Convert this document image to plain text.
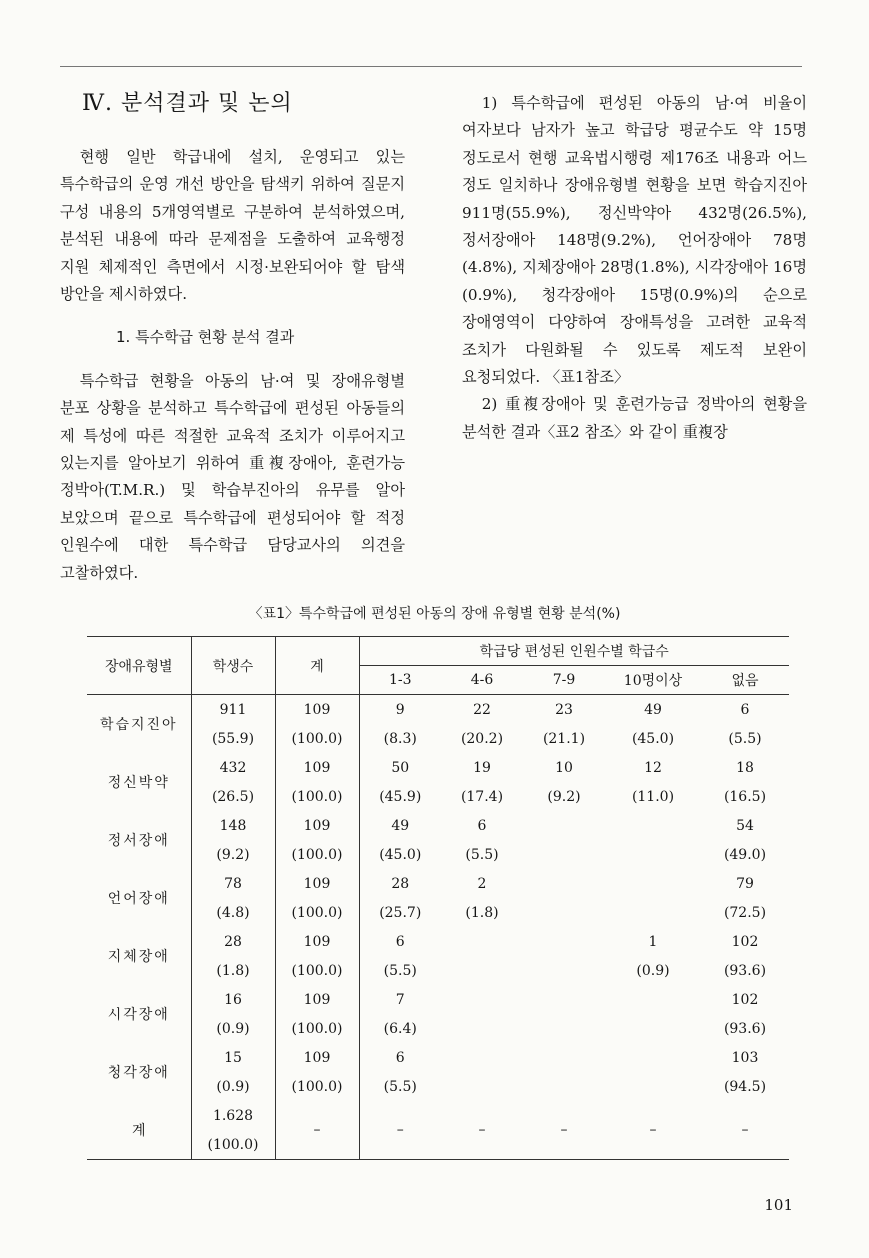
Ⅳ. 분석결과 및 논의

현행 일반 학급내에 설치, 운영되고 있는 특수학급의 운영 개선 방안을 탐색키 위하여 질문지 구성 내용의 5개영역별로 구분하여 분석하였으며, 분석된 내용에 따라 문제점을 도출하여 교육행정 지원 체제적인 측면에서 시정·보완되어야 할 탐색 방안을 제시하였다.

1. 특수학급 현황 분석 결과

특수학급 현황을 아동의 남·여 및 장애유형별 분포 상황을 분석하고 특수학급에 편성된 아동들의 제 특성에 따른 적절한 교육적 조치가 이루어지고 있는지를 알아보기 위하여 重複장애아, 훈련가능 정박아(T.M.R.) 및 학습부진아의 유무를 알아 보았으며 끝으로 특수학급에 편성되어야 할 적정 인원수에 대한 특수학급 담당교사의 의견을 고찰하였다.

1) 특수학급에 편성된 아동의 남·여 비율이 여자보다 남자가 높고 학급당 평균수도 약 15명 정도로서 현행 교육법시행령 제176조 내용과 어느 정도 일치하나 장애유형별 현황을 보면 학습지진아 911명(55.9%), 정신박약아 432명(26.5%), 정서장애아 148명(9.2%), 언어장애아 78명(4.8%), 지체장애아 28명(1.8%), 시각장애아 16명(0.9%), 청각장애아 15명(0.9%)의 순으로 장애영역이 다양하여 장애특성을 고려한 교육적 조치가 다원화될 수 있도록 제도적 보완이 요청되었다. 〈표1참조〉

2) 重複장애아 및 훈련가능급 정박아의 현황을 분석한 결과〈표2 참조〉와 같이 重複장

〈표1〉특수학급에 편성된 아동의 장애 유형별 현황 분석(%)
장애유형별	학생수	계	학급당 편성된 인원수별 학급수				
			1-3	4-6	7-9	10명이상	없음
학습지진아	911	109	9	22	23	49	6
	(55.9)	(100.0)	(8.3)	(20.2)	(21.1)	(45.0)	(5.5)
정신박약	432	109	50	19	10	12	18
	(26.5)	(100.0)	(45.9)	(17.4)	(9.2)	(11.0)	(16.5)
정서장애	148	109	49	6			54
	(9.2)	(100.0)	(45.0)	(5.5)			(49.0)
언어장애	78	109	28	2			79
	(4.8)	(100.0)	(25.7)	(1.8)			(72.5)
지체장애	28	109	6			1	102
	(1.8)	(100.0)	(5.5)			(0.9)	(93.6)
시각장애	16	109	7				102
	(0.9)	(100.0)	(6.4)				(93.6)
청각장애	15	109	6				103
	(0.9)	(100.0)	(5.5)				(94.5)
계	1.628	–	–	–	–	–	–
	(100.0)						
101
